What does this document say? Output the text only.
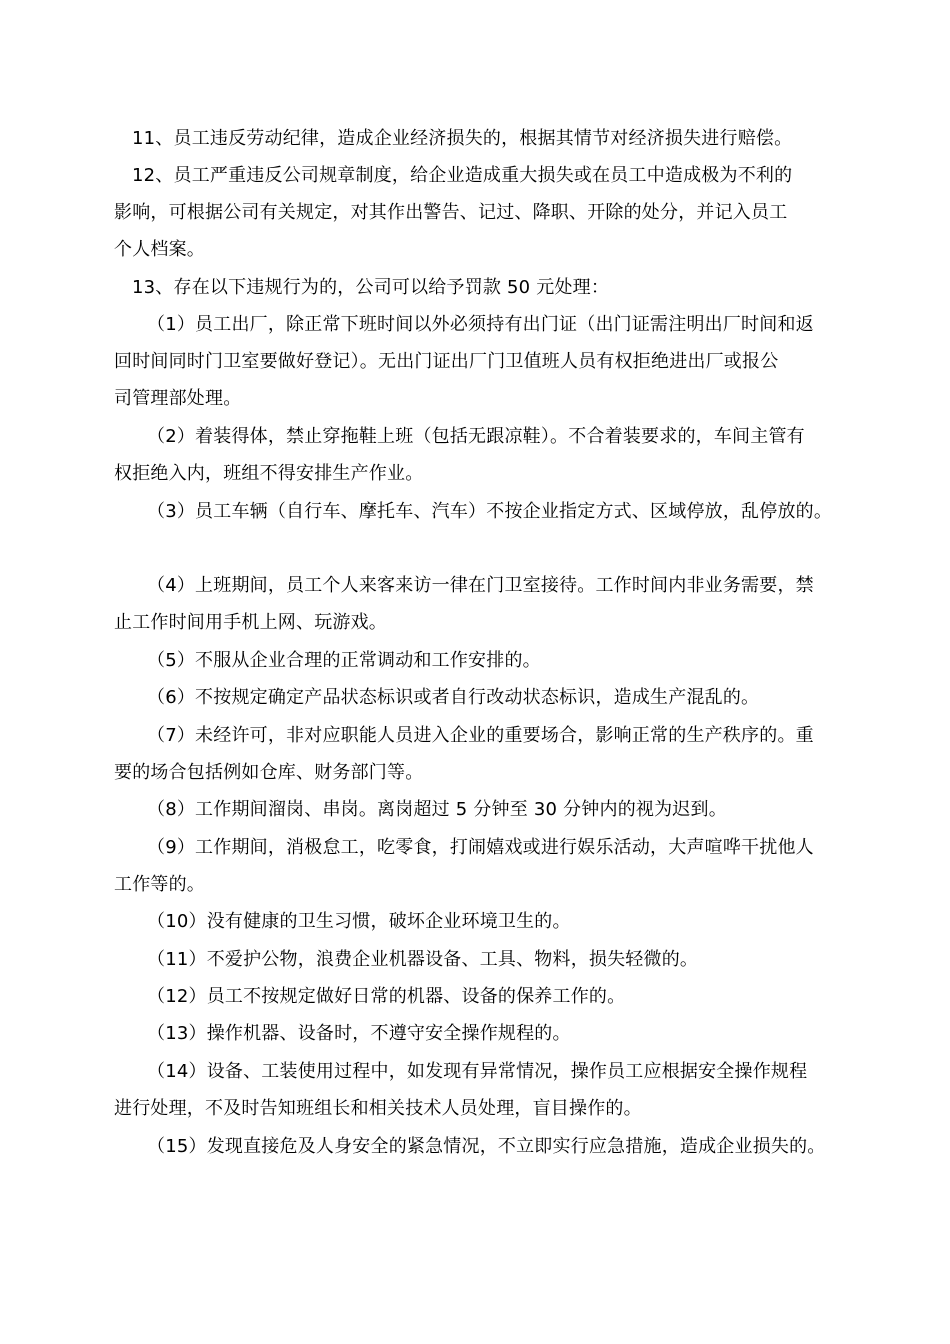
11、员工违反劳动纪律，造成企业经济损失的，根据其情节对经济损失进行赔偿。
12、员工严重违反公司规章制度，给企业造成重大损失或在员工中造成极为不利的
影响，可根据公司有关规定，对其作出警告、记过、降职、开除的处分，并记入员工
个人档案。
13、存在以下违规行为的，公司可以给予罚款 50 元处理：
（1）员工出厂，除正常下班时间以外必须持有出门证（出门证需注明出厂时间和返
回时间同时门卫室要做好登记）。无出门证出厂门卫值班人员有权拒绝进出厂或报公
司管理部处理。
（2）着装得体，禁止穿拖鞋上班（包括无跟凉鞋）。不合着装要求的，车间主管有
权拒绝入内，班组不得安排生产作业。
（3）员工车辆（自行车、摩托车、汽车）不按企业指定方式、区域停放，乱停放的。
（4）上班期间，员工个人来客来访一律在门卫室接待。工作时间内非业务需要，禁
止工作时间用手机上网、玩游戏。
（5）不服从企业合理的正常调动和工作安排的。
（6）不按规定确定产品状态标识或者自行改动状态标识，造成生产混乱的。
（7）未经许可，非对应职能人员进入企业的重要场合，影响正常的生产秩序的。重
要的场合包括例如仓库、财务部门等。
（8）工作期间溜岗、串岗。离岗超过 5 分钟至 30 分钟内的视为迟到。
（9）工作期间，消极怠工，吃零食，打闹嬉戏或进行娱乐活动，大声喧哗干扰他人
工作等的。
（10）没有健康的卫生习惯，破坏企业环境卫生的。
（11）不爱护公物，浪费企业机器设备、工具、物料，损失轻微的。
（12）员工不按规定做好日常的机器、设备的保养工作的。
（13）操作机器、设备时，不遵守安全操作规程的。
（14）设备、工装使用过程中，如发现有异常情况，操作员工应根据安全操作规程
进行处理，不及时告知班组长和相关技术人员处理，盲目操作的。
（15）发现直接危及人身安全的紧急情况，不立即实行应急措施，造成企业损失的。
